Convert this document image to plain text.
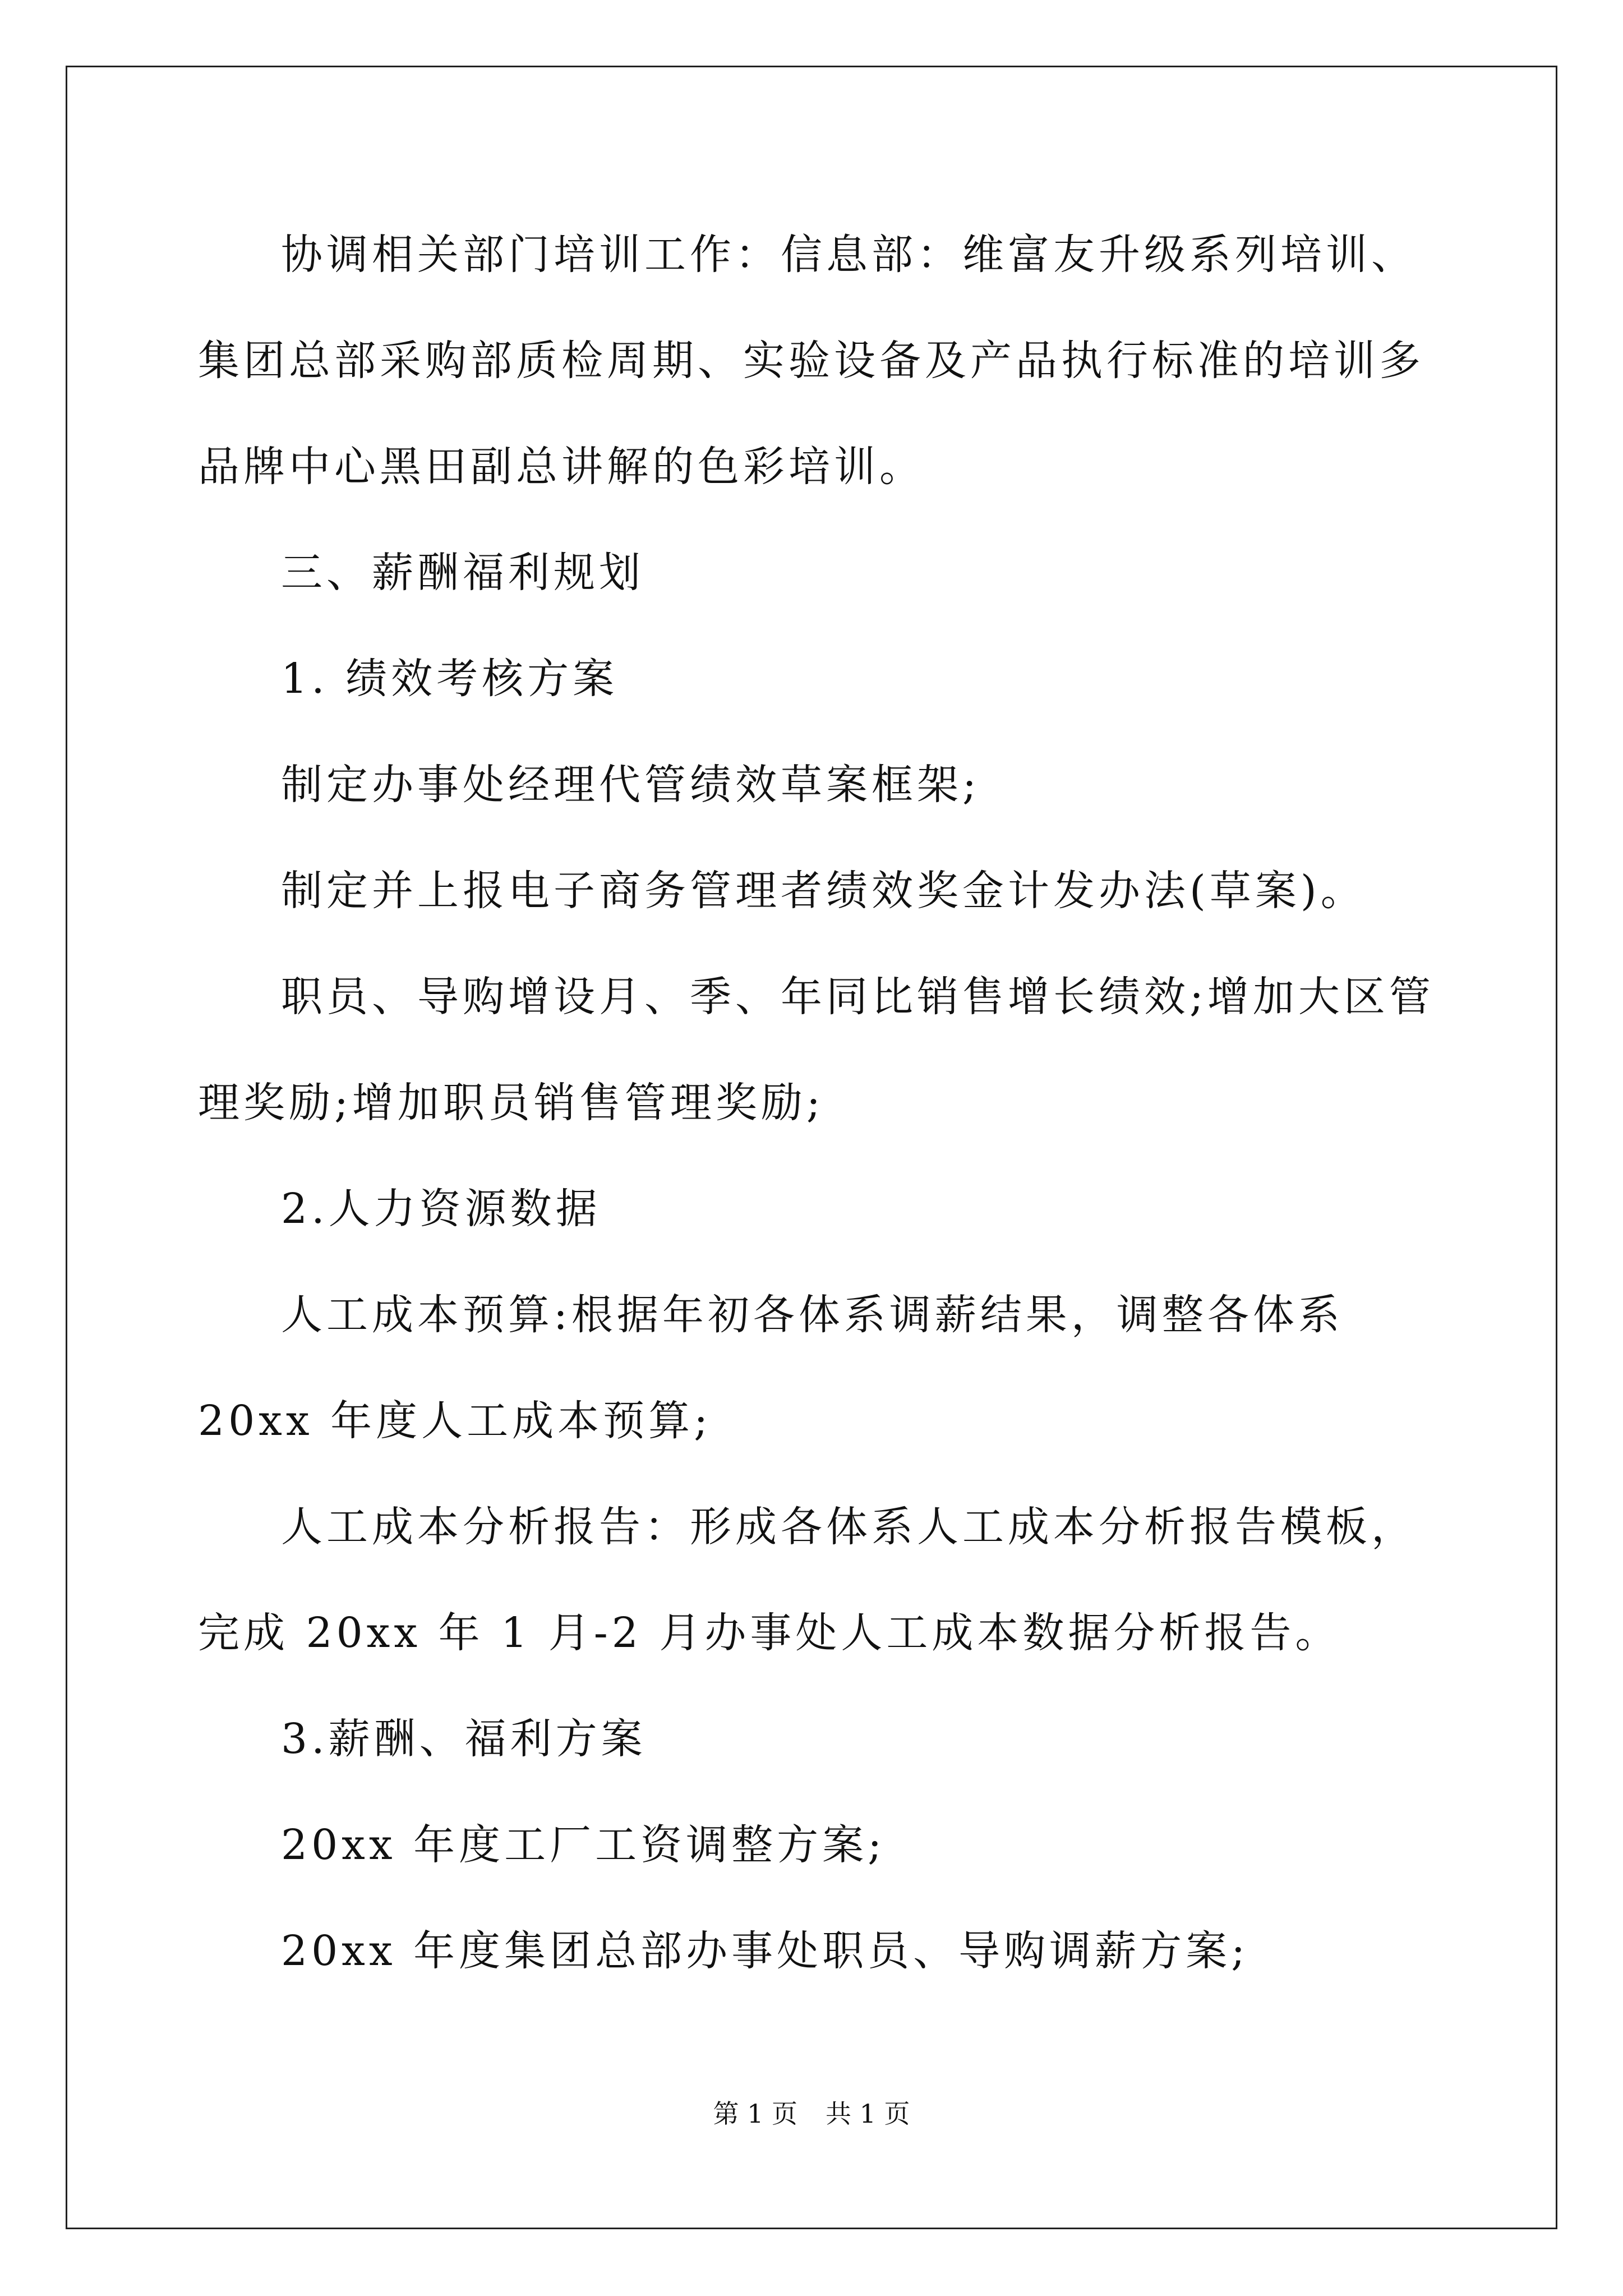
协调相关部门培训工作：信息部：维富友升级系列培训、集团总部采购部质检周期、实验设备及产品执行标准的培训多品牌中心黑田副总讲解的色彩培训。

三、薪酬福利规划

1. 绩效考核方案

制定办事处经理代管绩效草案框架;

制定并上报电子商务管理者绩效奖金计发办法(草案)。

职员、导购增设月、季、年同比销售增长绩效;增加大区管理奖励;增加职员销售管理奖励;

2.人力资源数据

人工成本预算:根据年初各体系调薪结果，调整各体系 20xx 年度人工成本预算;

人工成本分析报告：形成各体系人工成本分析报告模板，完成 20xx 年 1 月-2 月办事处人工成本数据分析报告。

3.薪酬、福利方案

20xx 年度工厂工资调整方案;

20xx 年度集团总部办事处职员、导购调薪方案;

第 1 页 共 1 页
